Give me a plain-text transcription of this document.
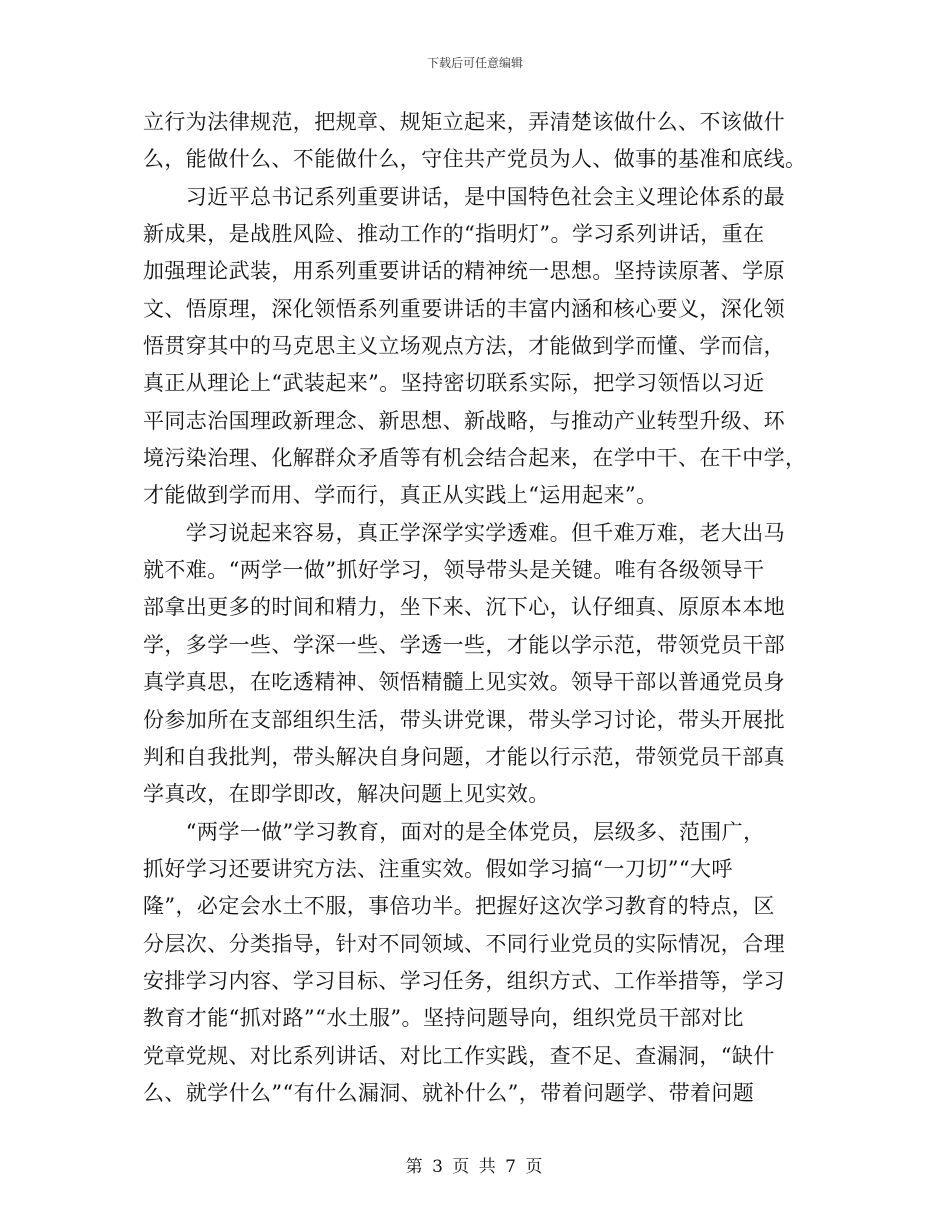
下载后可任意编辑
立行为法律规范，把规章、规矩立起来，弄清楚该做什么、不该做什
么，能做什么、不能做什么，守住共产党员为人、做事的基准和底线。
　　习近平总书记系列重要讲话，是中国特色社会主义理论体系的最
新成果，是战胜风险、推动工作的“指明灯”。学习系列讲话，重在
加强理论武装，用系列重要讲话的精神统一思想。坚持读原著、学原
文、悟原理，深化领悟系列重要讲话的丰富内涵和核心要义，深化领
悟贯穿其中的马克思主义立场观点方法，才能做到学而懂、学而信，
真正从理论上“武装起来”。坚持密切联系实际，把学习领悟以习近
平同志治国理政新理念、新思想、新战略，与推动产业转型升级、环
境污染治理、化解群众矛盾等有机会结合起来，在学中干、在干中学，
才能做到学而用、学而行，真正从实践上“运用起来”。
　　学习说起来容易，真正学深学实学透难。但千难万难，老大出马
就不难。“两学一做”抓好学习，领导带头是关键。唯有各级领导干
部拿出更多的时间和精力，坐下来、沉下心，认仔细真、原原本本地
学，多学一些、学深一些、学透一些，才能以学示范，带领党员干部
真学真思，在吃透精神、领悟精髓上见实效。领导干部以普通党员身
份参加所在支部组织生活，带头讲党课，带头学习讨论，带头开展批
判和自我批判，带头解决自身问题，才能以行示范，带领党员干部真
学真改，在即学即改，解决问题上见实效。
　　“两学一做”学习教育，面对的是全体党员，层级多、范围广，
抓好学习还要讲究方法、注重实效。假如学习搞“一刀切”“大呼
隆”，必定会水土不服，事倍功半。把握好这次学习教育的特点，区
分层次、分类指导，针对不同领域、不同行业党员的实际情况，合理
安排学习内容、学习目标、学习任务，组织方式、工作举措等，学习
教育才能“抓对路”“水土服”。坚持问题导向，组织党员干部对比
党章党规、对比系列讲话、对比工作实践，查不足、查漏洞，“缺什
么、就学什么”“有什么漏洞、就补什么”，带着问题学、带着问题
第 3 页 共 7 页
